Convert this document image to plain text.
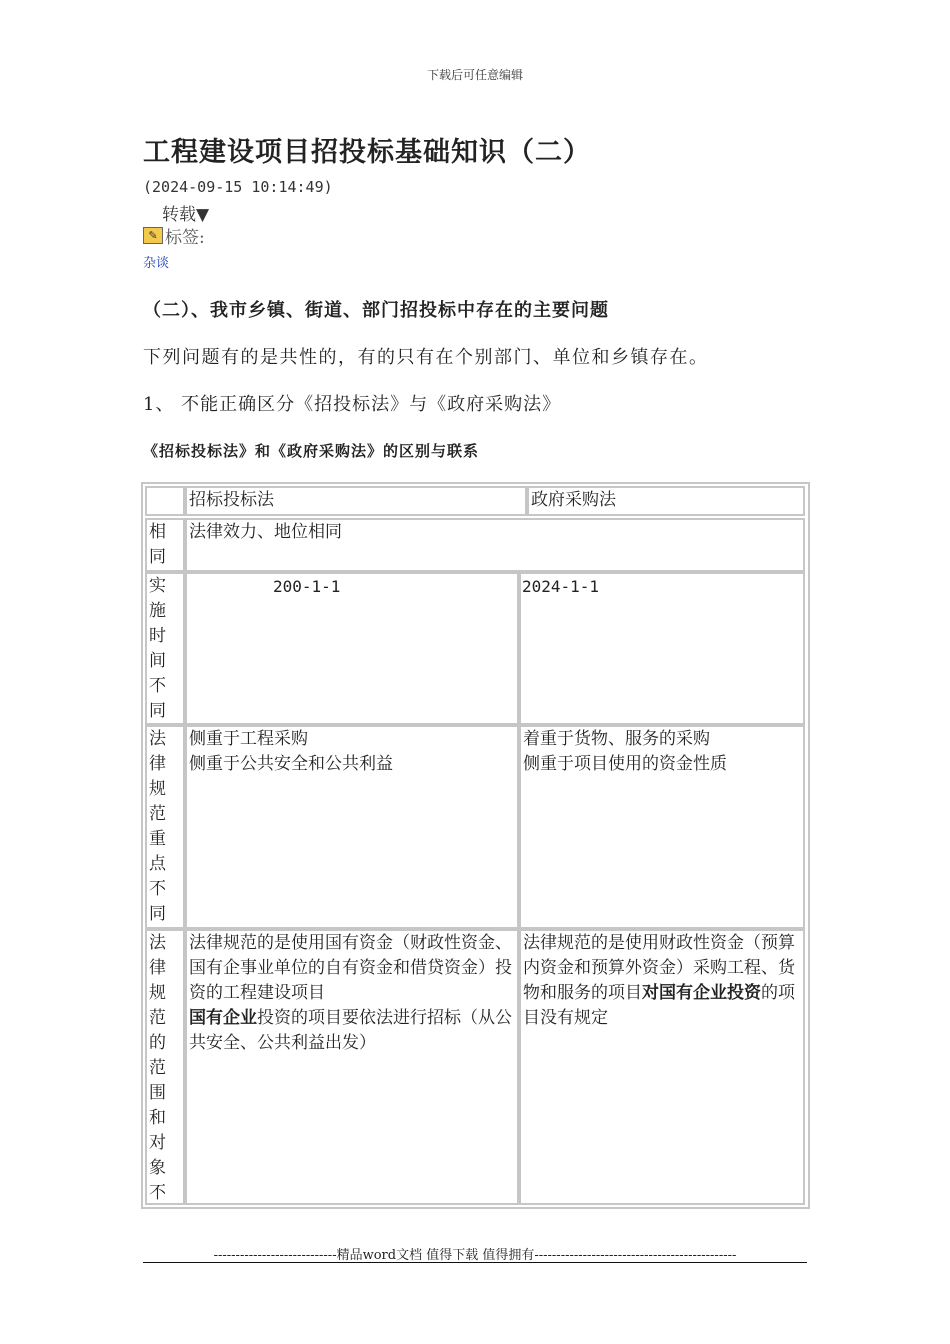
下载后可任意编辑
工程建设项目招投标基础知识（二）
(2024-09-15 10:14:49)
转载▼
✎ 标签:
杂谈
（二）、我市乡镇、街道、部门招投标中存在的主要问题
下列问题有的是共性的，有的只有在个别部门、单位和乡镇存在。
1、 不能正确区分《招投标法》与《政府采购法》
《招标投标法》和《政府采购法》的区别与联系
招标投标法	政府采购法
相同
法律效力、地位相同
实施时间不同
200-1-1	2024-1-1
法律规范重点不同
侧重于工程采购
侧重于公共安全和公共利益
着重于货物、服务的采购
侧重于项目使用的资金性质
法律规范的范围和对象不
法律规范的是使用国有资金（财政性资金、国有企事业单位的自有资金和借贷资金）投资的工程建设项目
国有企业投资的项目要依法进行招标（从公共安全、公共利益出发）
法律规范的是使用财政性资金（预算内资金和预算外资金）采购工程、货物和服务的项目对国有企业投资的项目没有规定
----------------------------精品word文档 值得下载 值得拥有----------------------------------------------
